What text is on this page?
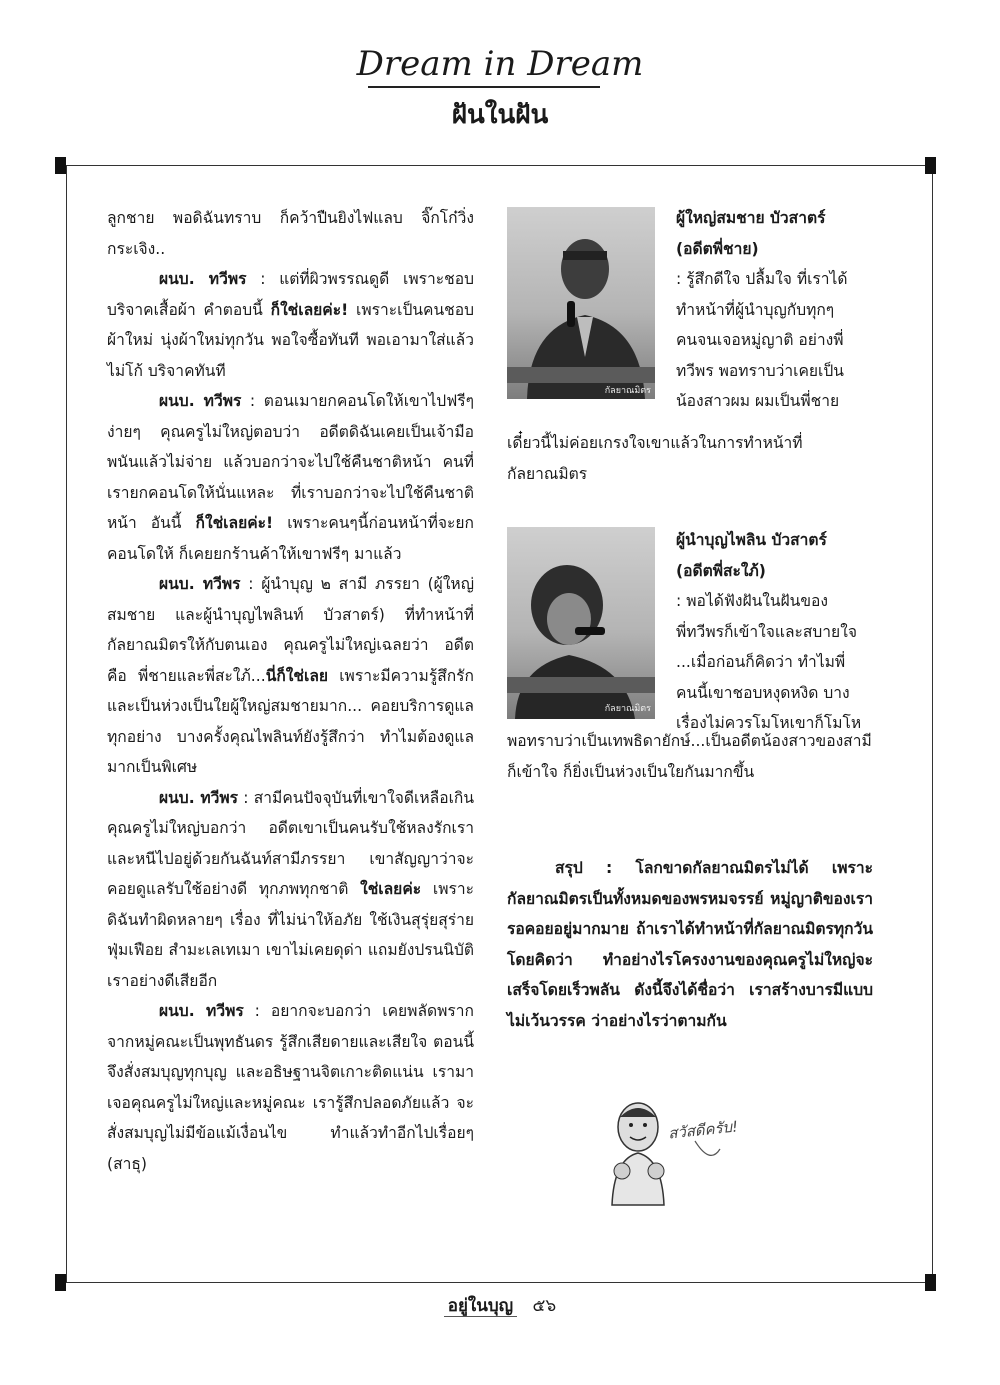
Dream in Dream
ฝันในฝัน

ลูกชาย พอดิฉันทราบ ก็คว้าปืนยิงไฟแลบ จิ๊กโก๋วิ่งกระเจิง..

ผนบ. ทวีพร : แต่ที่ผิวพรรณดูดี เพราะชอบบริจาคเสื้อผ้า คำตอบนี้ ก็ใช่เลยค่ะ! เพราะเป็นคนชอบผ้าใหม่ นุ่งผ้าใหม่ทุกวัน พอใจซื้อทันที พอเอามาใส่แล้วไม่โก้ บริจาคทันที

ผนบ. ทวีพร : ตอนเมายกคอนโดให้เขาไปฟรีๆ ง่ายๆ คุณครูไม่ใหญ่ตอบว่า อดีตดิฉันเคยเป็นเจ้ามือพนันแล้วไม่จ่าย แล้วบอกว่าจะไปใช้คืนชาติหน้า คนที่เรายกคอนโดให้นั่นแหละ ที่เราบอกว่าจะไปใช้คืนชาติหน้า อันนี้ ก็ใช่เลยค่ะ! เพราะคนๆนี้ก่อนหน้าที่จะยกคอนโดให้ ก็เคยยกร้านค้าให้เขาฟรีๆ มาแล้ว

ผนบ. ทวีพร : ผู้นำบุญ ๒ สามี ภรรยา (ผู้ใหญ่สมชาย และผู้นำบุญไพลินท์ บัวสาตร์) ที่ทำหน้าที่กัลยาณมิตรให้กับตนเอง คุณครูไม่ใหญ่เฉลยว่า อดีต คือ พี่ชายและพี่สะใภ้...นี่ก็ใช่เลย เพราะมีความรู้สึกรักและเป็นห่วงเป็นใยผู้ใหญ่สมชายมาก... คอยบริการดูแลทุกอย่าง บางครั้งคุณไพลินท์ยังรู้สึกว่า ทำไมต้องดูแลมากเป็นพิเศษ

ผนบ. ทวีพร : สามีคนปัจจุบันที่เขาใจดีเหลือเกิน คุณครูไม่ใหญ่บอกว่า อดีตเขาเป็นคนรับใช้หลงรักเรา และหนีไปอยู่ด้วยกันฉันท์สามีภรรยา เขาสัญญาว่าจะคอยดูแลรับใช้อย่างดี ทุกภพทุกชาติ ใช่เลยค่ะ เพราะดิฉันทำผิดหลายๆ เรื่อง ที่ไม่น่าให้อภัย ใช้เงินสุรุ่ยสุร่าย ฟุ่มเฟือย สำมะเลเทเมา เขาไม่เคยดุด่า แถมยังปรนนิบัติเราอย่างดีเสียอีก

ผนบ. ทวีพร : อยากจะบอกว่า เคยพลัดพรากจากหมู่คณะเป็นพุทธันดร รู้สึกเสียดายและเสียใจ ตอนนี้จึงสั่งสมบุญทุกบุญ และอธิษฐานจิตเกาะติดแน่น เรามาเจอคุณครูไม่ใหญ่และหมู่คณะ เรารู้สึกปลอดภัยแล้ว จะสั่งสมบุญไม่มีข้อแม้เงื่อนไข ทำแล้วทำอีกไปเรื่อยๆ (สาธุ)

กัลยาณมิตร
ผู้ใหญ่สมชาย บัวสาตร์
(อดีตพี่ชาย)
: รู้สึกดีใจ ปลื้มใจ ที่เราได้
ทำหน้าที่ผู้นำบุญกับทุกๆ
คนจนเจอหมู่ญาติ อย่างพี่
ทวีพร พอทราบว่าเคยเป็น
น้องสาวผม ผมเป็นพี่ชาย
เดี๋ยวนี้ไม่ค่อยเกรงใจเขาแล้วในการทำหน้าที่กัลยาณมิตร
กัลยาณมิตร
ผู้นำบุญไพลิน บัวสาตร์
(อดีตพี่สะใภ้)
: พอได้ฟังฝันในฝันของ
พี่ทวีพรก็เข้าใจและสบายใจ
...เมื่อก่อนก็คิดว่า ทำไมพี่
คนนี้เขาชอบหงุดหงิด บาง
เรื่องไม่ควรโมโหเขาก็โมโห
พอทราบว่าเป็นเทพธิดายักษ์...เป็นอดีตน้องสาวของสามี ก็เข้าใจ ก็ยิ่งเป็นห่วงเป็นใยกันมากขึ้น
สรุป : โลกขาดกัลยาณมิตรไม่ได้ เพราะกัลยาณมิตรเป็นทั้งหมดของพรหมจรรย์ หมู่ญาติของเรารอคอยอยู่มากมาย ถ้าเราได้ทำหน้าที่กัลยาณมิตรทุกวัน โดยคิดว่า ทำอย่างไรโครงงานของคุณครูไม่ใหญ่จะเสร็จโดยเร็วพลัน ดังนี้จึงได้ชื่อว่า เราสร้างบารมีแบบไม่เว้นวรรค ว่าอย่างไรว่าตามกัน
สวัสดีครับ!
อยู่ในบุญ ๕๖
